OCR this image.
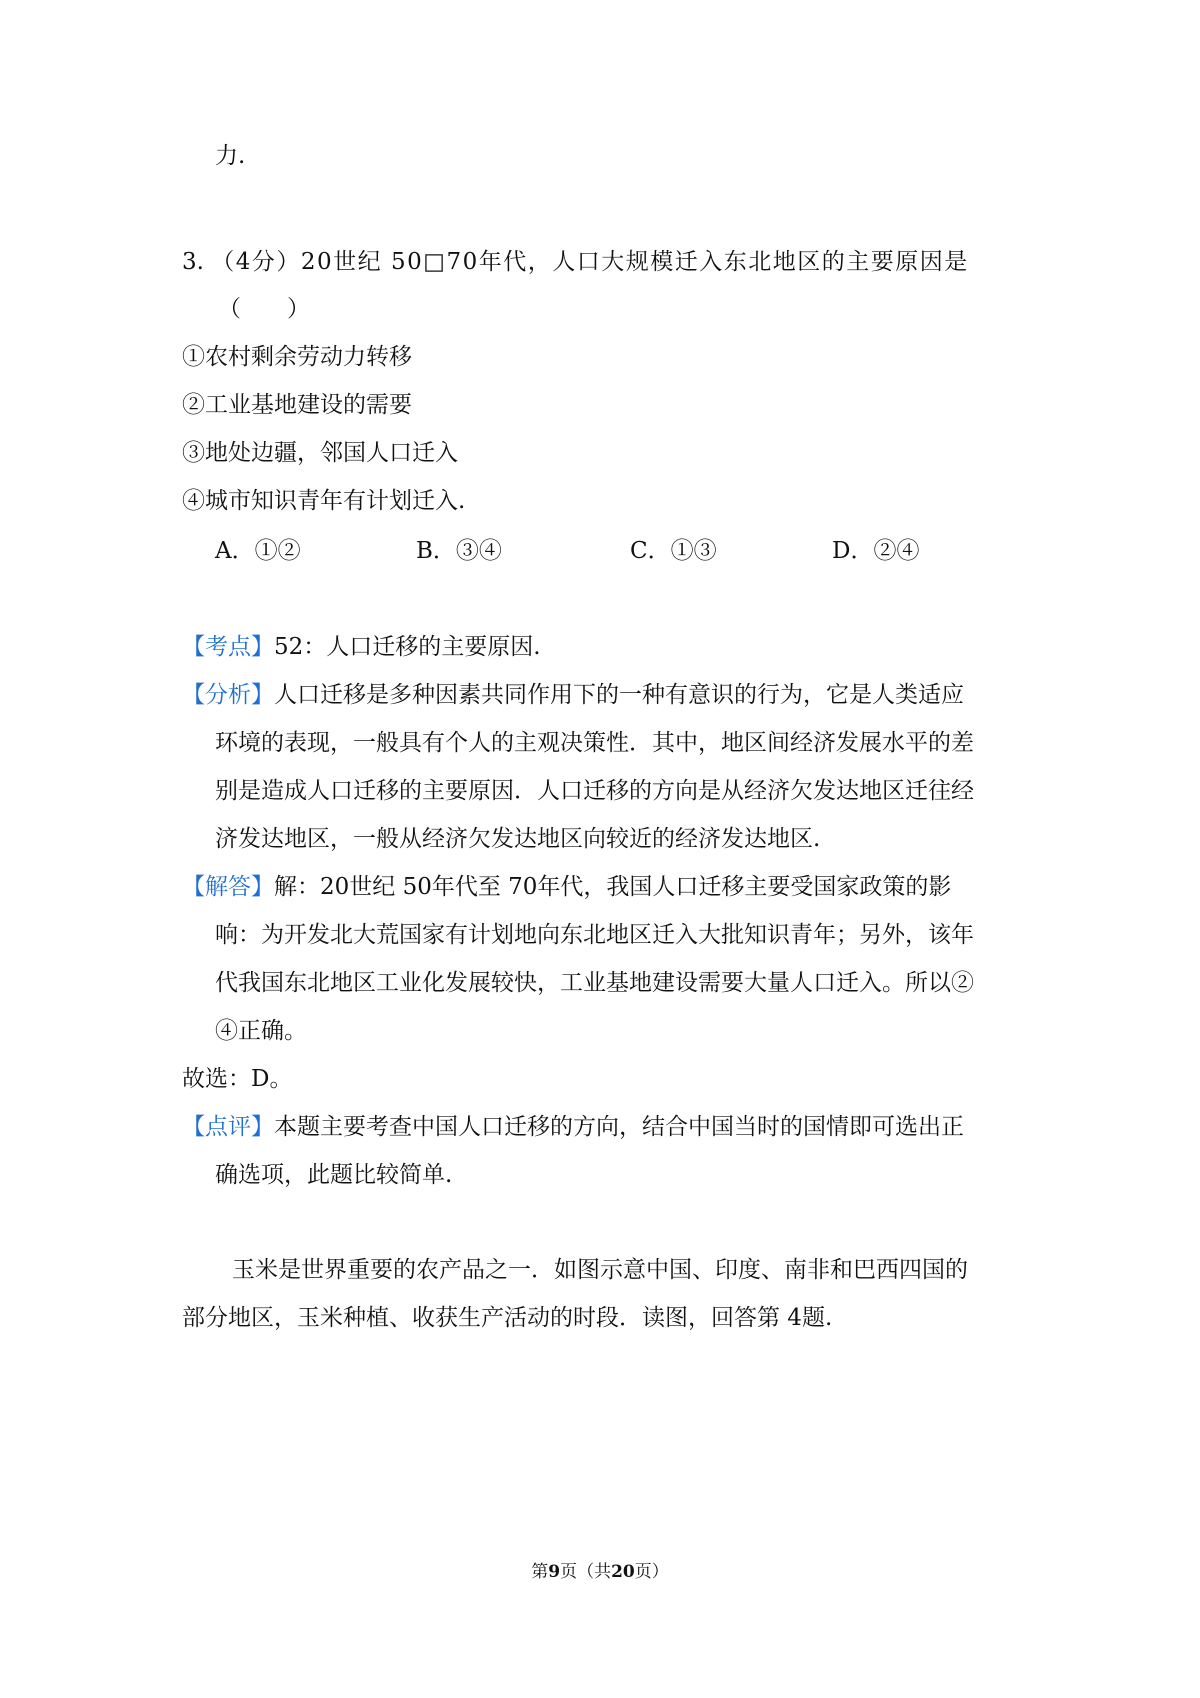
力.
3. （4分）20世纪 50□70年代，人口大规模迁入东北地区的主要原因是
（　　）
①农村剩余劳动力转移
②工业基地建设的需要
③地处边疆，邻国人口迁入
④城市知识青年有计划迁入.
A．①②	B．③④	C．①③	D．②④
【考点】52：人口迁移的主要原因.
【分析】人口迁移是多种因素共同作用下的一种有意识的行为，它是人类适应
环境的表现，一般具有个人的主观决策性．其中，地区间经济发展水平的差
别是造成人口迁移的主要原因．人口迁移的方向是从经济欠发达地区迁往经
济发达地区，一般从经济欠发达地区向较近的经济发达地区.
【解答】解：20世纪 50年代至 70年代，我国人口迁移主要受国家政策的影
响：为开发北大荒国家有计划地向东北地区迁入大批知识青年；另外，该年
代我国东北地区工业化发展较快，工业基地建设需要大量人口迁入。所以②
④正确。
故选：D。
【点评】本题主要考查中国人口迁移的方向，结合中国当时的国情即可选出正
确选项，此题比较简单.
玉米是世界重要的农产品之一．如图示意中国、印度、南非和巴西四国的
部分地区，玉米种植、收获生产活动的时段．读图，回答第 4题.
第9页（共20页）
